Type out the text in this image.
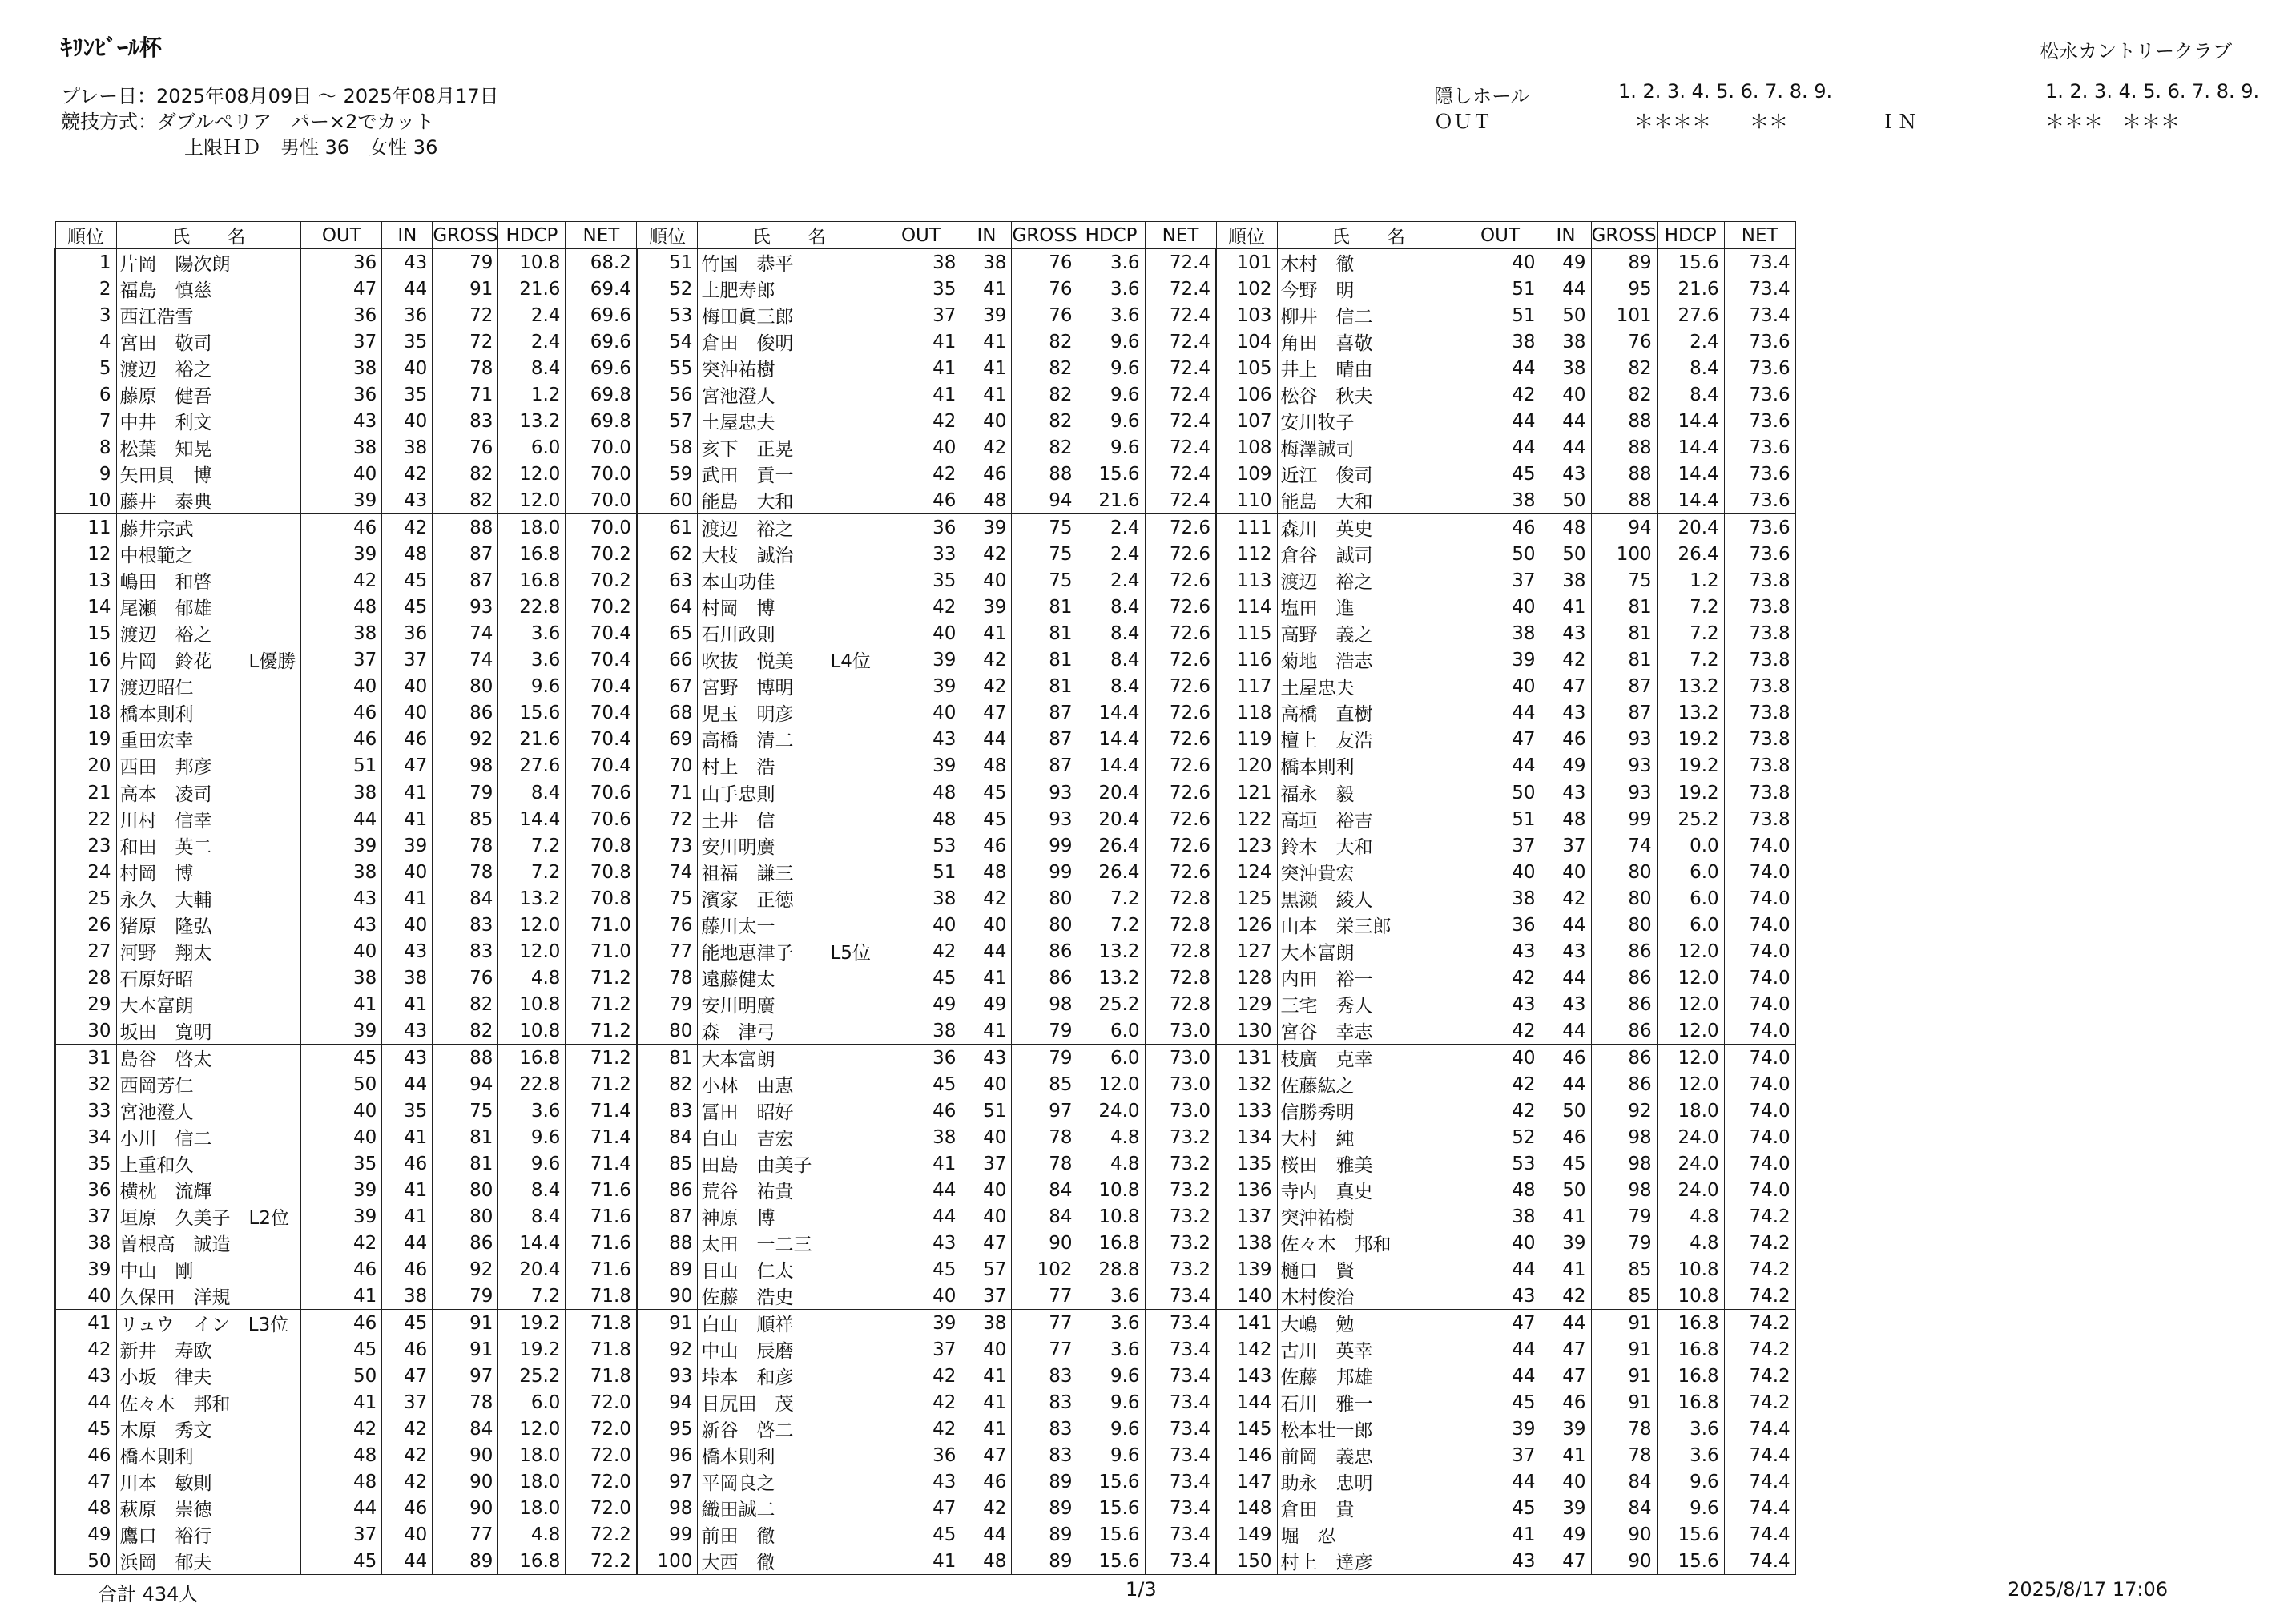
ｷﾘﾝﾋﾞｰﾙ杯	松永カントリークラブ
プレー日：2025年08月09日 ～ 2025年08月17日
競技方式：ダブルペリア　パー×2でカット
上限ＨＤ　男性 36　女性 36

隠しホール

ＯＵＴ

1. 2. 3. 4. 5. 6. 7. 8. 9.

＊＊＊＊　　＊＊

	ＩＮ

1. 2. 3. 4. 5. 6. 7. 8. 9.

＊＊＊　＊＊＊

順位	氏　　名	OUT	IN	GROSS	HDCP	NET	順位	氏　　名	OUT	IN	GROSS	HDCP	NET	順位	氏　　名	OUT	IN	GROSS	HDCP	NET
1	片岡　陽次朗	36	43	79	10.8	68.2	51	竹国　恭平	38	38	76	3.6	72.4	101	木村　徹	40	49	89	15.6	73.4
2	福島　慎慈	47	44	91	21.6	69.4	52	土肥寿郎	35	41	76	3.6	72.4	102	今野　明	51	44	95	21.6	73.4
3	西江浩雪	36	36	72	2.4	69.6	53	梅田眞三郎	37	39	76	3.6	72.4	103	柳井　信二	51	50	101	27.6	73.4
4	宮田　敬司	37	35	72	2.4	69.6	54	倉田　俊明	41	41	82	9.6	72.4	104	角田　喜敬	38	38	76	2.4	73.6
5	渡辺　裕之	38	40	78	8.4	69.6	55	突沖祐樹	41	41	82	9.6	72.4	105	井上　晴由	44	38	82	8.4	73.6
6	藤原　健吾	36	35	71	1.2	69.8	56	宮池澄人	41	41	82	9.6	72.4	106	松谷　秋夫	42	40	82	8.4	73.6
7	中井　利文	43	40	83	13.2	69.8	57	土屋忠夫	42	40	82	9.6	72.4	107	安川牧子	44	44	88	14.4	73.6
8	松葉　知晃	38	38	76	6.0	70.0	58	亥下　正晃	40	42	82	9.6	72.4	108	梅澤誠司	44	44	88	14.4	73.6
9	矢田貝　博	40	42	82	12.0	70.0	59	武田　貢一	42	46	88	15.6	72.4	109	近江　俊司	45	43	88	14.4	73.6
10	藤井　泰典	39	43	82	12.0	70.0	60	能島　大和	46	48	94	21.6	72.4	110	能島　大和	38	50	88	14.4	73.6
11	藤井宗武	46	42	88	18.0	70.0	61	渡辺　裕之	36	39	75	2.4	72.6	111	森川　英史	46	48	94	20.4	73.6
12	中根範之	39	48	87	16.8	70.2	62	大枝　誠治	33	42	75	2.4	72.6	112	倉谷　誠司	50	50	100	26.4	73.6
13	嶋田　和啓	42	45	87	16.8	70.2	63	本山功佳	35	40	75	2.4	72.6	113	渡辺　裕之	37	38	75	1.2	73.8
14	尾瀬　郁雄	48	45	93	22.8	70.2	64	村岡　博	42	39	81	8.4	72.6	114	塩田　進	40	41	81	7.2	73.8
15	渡辺　裕之	38	36	74	3.6	70.4	65	石川政則	40	41	81	8.4	72.6	115	高野　義之	38	43	81	7.2	73.8
16	片岡　鈴花　　L優勝	37	37	74	3.6	70.4	66	吹抜　悦美　　L4位	39	42	81	8.4	72.6	116	菊地　浩志	39	42	81	7.2	73.8
17	渡辺昭仁	40	40	80	9.6	70.4	67	宮野　博明	39	42	81	8.4	72.6	117	土屋忠夫	40	47	87	13.2	73.8
18	橋本則利	46	40	86	15.6	70.4	68	児玉　明彦	40	47	87	14.4	72.6	118	高橋　直樹	44	43	87	13.2	73.8
19	重田宏幸	46	46	92	21.6	70.4	69	高橋　清二	43	44	87	14.4	72.6	119	檀上　友浩	47	46	93	19.2	73.8
20	西田　邦彦	51	47	98	27.6	70.4	70	村上　浩	39	48	87	14.4	72.6	120	橋本則利	44	49	93	19.2	73.8
21	高本　凌司	38	41	79	8.4	70.6	71	山手忠則	48	45	93	20.4	72.6	121	福永　毅	50	43	93	19.2	73.8
22	川村　信幸	44	41	85	14.4	70.6	72	土井　信	48	45	93	20.4	72.6	122	高垣　裕吉	51	48	99	25.2	73.8
23	和田　英二	39	39	78	7.2	70.8	73	安川明廣	53	46	99	26.4	72.6	123	鈴木　大和	37	37	74	0.0	74.0
24	村岡　博	38	40	78	7.2	70.8	74	祖福　謙三	51	48	99	26.4	72.6	124	突沖貴宏	40	40	80	6.0	74.0
25	永久　大輔	43	41	84	13.2	70.8	75	濱家　正徳	38	42	80	7.2	72.8	125	黒瀬　綾人	38	42	80	6.0	74.0
26	猪原　隆弘	43	40	83	12.0	71.0	76	藤川太一	40	40	80	7.2	72.8	126	山本　栄三郎	36	44	80	6.0	74.0
27	河野　翔太	40	43	83	12.0	71.0	77	能地恵津子　　L5位	42	44	86	13.2	72.8	127	大本富朗	43	43	86	12.0	74.0
28	石原好昭	38	38	76	4.8	71.2	78	遠藤健太	45	41	86	13.2	72.8	128	内田　裕一	42	44	86	12.0	74.0
29	大本富朗	41	41	82	10.8	71.2	79	安川明廣	49	49	98	25.2	72.8	129	三宅　秀人	43	43	86	12.0	74.0
30	坂田　寛明	39	43	82	10.8	71.2	80	森　津弓	38	41	79	6.0	73.0	130	宮谷　幸志	42	44	86	12.0	74.0
31	島谷　啓太	45	43	88	16.8	71.2	81	大本富朗	36	43	79	6.0	73.0	131	枝廣　克幸	40	46	86	12.0	74.0
32	西岡芳仁	50	44	94	22.8	71.2	82	小林　由恵	45	40	85	12.0	73.0	132	佐藤紘之	42	44	86	12.0	74.0
33	宮池澄人	40	35	75	3.6	71.4	83	冨田　昭好	46	51	97	24.0	73.0	133	信勝秀明	42	50	92	18.0	74.0
34	小川　信二	40	41	81	9.6	71.4	84	白山　吉宏	38	40	78	4.8	73.2	134	大村　純	52	46	98	24.0	74.0
35	上重和久	35	46	81	9.6	71.4	85	田島　由美子	41	37	78	4.8	73.2	135	桜田　雅美	53	45	98	24.0	74.0
36	横枕　流輝	39	41	80	8.4	71.6	86	荒谷　祐貴	44	40	84	10.8	73.2	136	寺内　真史	48	50	98	24.0	74.0
37	垣原　久美子　L2位	39	41	80	8.4	71.6	87	神原　博	44	40	84	10.8	73.2	137	突沖祐樹	38	41	79	4.8	74.2
38	曽根高　誠造	42	44	86	14.4	71.6	88	太田　一二三	43	47	90	16.8	73.2	138	佐々木　邦和	40	39	79	4.8	74.2
39	中山　剛	46	46	92	20.4	71.6	89	日山　仁太	45	57	102	28.8	73.2	139	樋口　賢	44	41	85	10.8	74.2
40	久保田　洋規	41	38	79	7.2	71.8	90	佐藤　浩史	40	37	77	3.6	73.4	140	木村俊治	43	42	85	10.8	74.2
41	リュウ　イン　L3位	46	45	91	19.2	71.8	91	白山　順祥	39	38	77	3.6	73.4	141	大嶋　勉	47	44	91	16.8	74.2
42	新井　寿欧	45	46	91	19.2	71.8	92	中山　辰磨	37	40	77	3.6	73.4	142	古川　英幸	44	47	91	16.8	74.2
43	小坂　律夫	50	47	97	25.2	71.8	93	垰本　和彦	42	41	83	9.6	73.4	143	佐藤　邦雄	44	47	91	16.8	74.2
44	佐々木　邦和	41	37	78	6.0	72.0	94	日尻田　茂	42	41	83	9.6	73.4	144	石川　雅一	45	46	91	16.8	74.2
45	木原　秀文	42	42	84	12.0	72.0	95	新谷　啓二	42	41	83	9.6	73.4	145	松本壮一郎	39	39	78	3.6	74.4
46	橋本則利	48	42	90	18.0	72.0	96	橋本則利	36	47	83	9.6	73.4	146	前岡　義忠	37	41	78	3.6	74.4
47	川本　敏則	48	42	90	18.0	72.0	97	平岡良之	43	46	89	15.6	73.4	147	助永　忠明	44	40	84	9.6	74.4
48	萩原　崇徳	44	46	90	18.0	72.0	98	織田誠二	47	42	89	15.6	73.4	148	倉田　貴	45	39	84	9.6	74.4
49	鷹口　裕行	37	40	77	4.8	72.2	99	前田　徹	45	44	89	15.6	73.4	149	堀　忍	41	49	90	15.6	74.4
50	浜岡　郁夫	45	44	89	16.8	72.2	100	大西　徹	41	48	89	15.6	73.4	150	村上　達彦	43	47	90	15.6	74.4
合計 434人	1/3	2025/8/17 17:06
